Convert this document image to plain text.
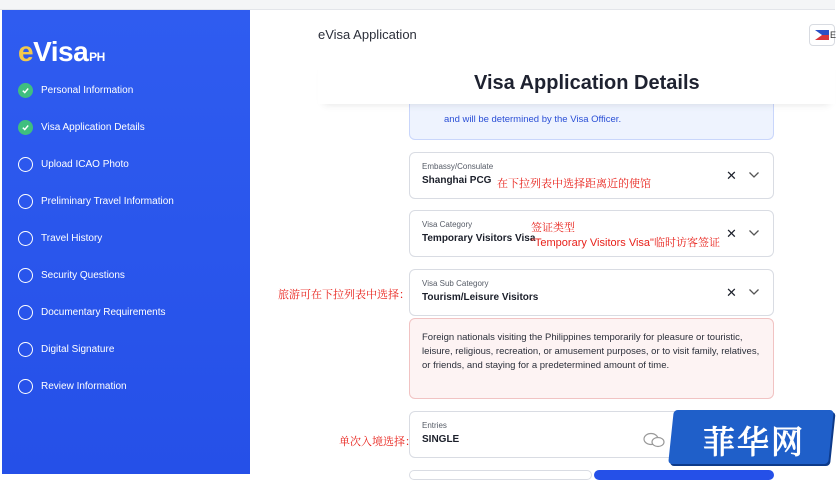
eVisaPH
Personal Information
Visa Application Details
Upload ICAO Photo
Preliminary Travel Information
Travel History
Security Questions
Documentary Requirements
Digital Signature
Review Information
eVisa Application	E
Visa Application Details
and will be determined by the Visa Officer.
Embassy/Consulate
Shanghai PCG	✕
Visa Category
Temporary Visitors Visa	✕
Visa Sub Category
Tourism/Leisure Visitors	✕

Foreign nationals visiting the Philippines temporarily for pleasure or touristic, leisure, religious, recreation, or amusement purposes, or to visit family, relatives, or friends, and staying for a predetermined amount of time.

Entries
SINGLE
在下拉列表中选择距离近的使馆
签证类型
"Temporary Visitors Visa"临时访客签证
旅游可在下拉列表中选择：
单次入境选择：	菲华网
